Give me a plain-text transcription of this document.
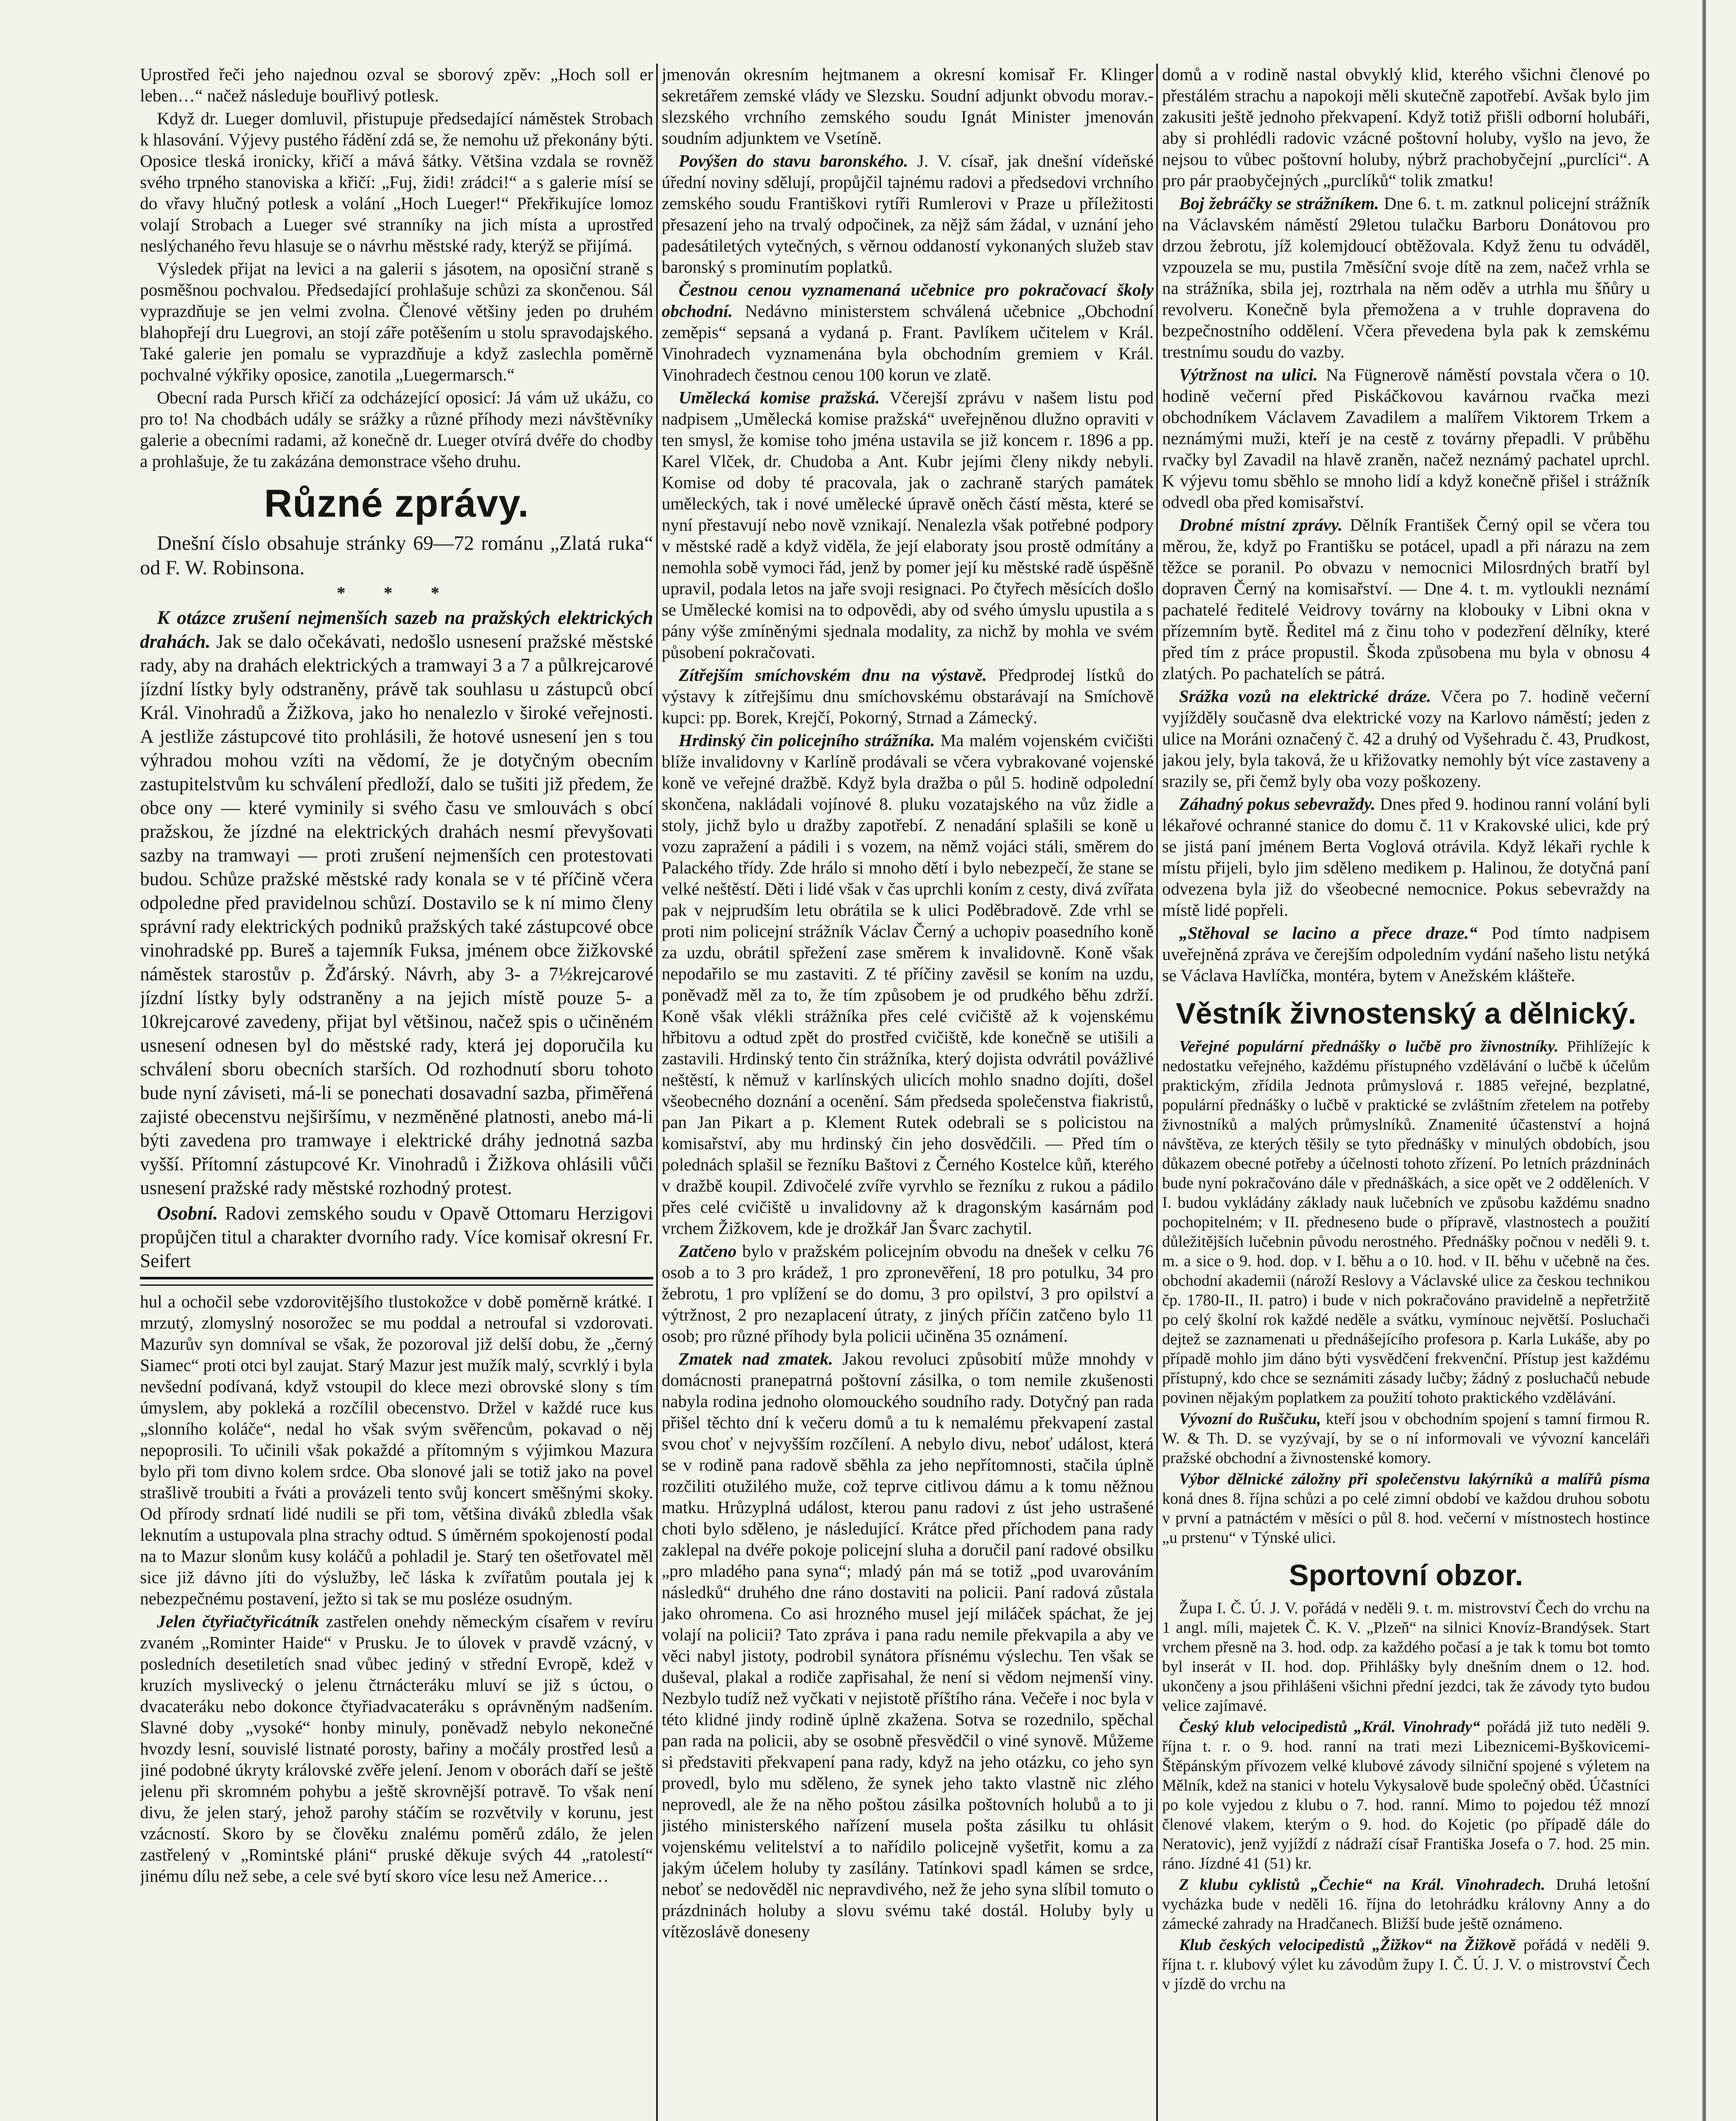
Uprostřed řeči jeho najednou ozval se sborový zpěv: „Hoch soll er leben…“ načež následuje bouřlivý potlesk.

Když dr. Lueger domluvil, přistupuje předsedající náměstek Strobach k hlasování. Výjevy pustého řádění zdá se, že nemohu už překonány býti. Oposice tleská ironicky, křičí a mává šátky. Většina vzdala se rovněž svého trpného stanoviska a křičí: „Fuj, židi! zrádci!“ a s galerie mísí se do vřavy hlučný potlesk a volání „Hoch Lueger!“ Překřikujíce lomoz volají Strobach a Lueger své stranníky na jich místa a uprostřed neslýchaného řevu hlasuje se o návrhu městské rady, kterýž se přijímá.

Výsledek přijat na levici a na galerii s jásotem, na oposiční straně s posměšnou pochvalou. Předsedající prohlašuje schůzi za skončenou. Sál vyprazdňuje se jen velmi zvolna. Členové většiny jeden po druhém blahopřejí dru Luegrovi, an stojí záře potěšením u stolu spravodajského. Také galerie jen pomalu se vyprazdňuje a když zaslechla poměrně pochvalné výkřiky oposice, zanotila „Luegermarsch.“

Obecní rada Pursch křičí za odcházející oposicí: Já vám už ukážu, co pro to! Na chodbách udály se srážky a různé příhody mezi návštěvníky galerie a obecními radami, až konečně dr. Lueger otvírá dvéře do chodby a prohlašuje, že tu zakázána demonstrace všeho druhu.

Různé zprávy.

Dnešní číslo obsahuje stránky 69—72 románu „Zlatá ruka“ od F. W. Robinsona.

* * *

K otázce zrušení nejmenších sazeb na pražských elektrických drahách. Jak se dalo očekávati, nedošlo usnesení pražské městské rady, aby na drahách elektrických a tramwayi 3 a 7 a půlkrejcarové jízdní lístky byly odstraněny, právě tak souhlasu u zástupců obcí Král. Vinohradů a Žižkova, jako ho nenalezlo v široké veřejnosti. A jestliže zástupcové tito prohlásili, že hotové usnesení jen s tou výhradou mohou vzíti na vědomí, že je dotyčným obecním zastupitelstvům ku schválení předloží, dalo se tušiti již předem, že obce ony — které vyminily si svého času ve smlouvách s obcí pražskou, že jízdné na elektrických drahách nesmí převyšovati sazby na tramwayi — proti zrušení nejmenších cen protestovati budou. Schůze pražské městské rady konala se v té příčině včera odpoledne před pravidelnou schůzí. Dostavilo se k ní mimo členy správní rady elektrických podniků pražských také zástupcové obce vinohradské pp. Bureš a tajemník Fuksa, jménem obce žižkovské náměstek starostův p. Žďárský. Návrh, aby 3- a 7½krejcarové jízdní lístky byly odstraněny a na jejich místě pouze 5- a 10krejcarové zavedeny, přijat byl většinou, načež spis o učiněném usnesení odnesen byl do městské rady, která jej doporučila ku schválení sboru obecních starších. Od rozhodnutí sboru tohoto bude nyní záviseti, má-li se ponechati dosavadní sazba, přiměřená zajisté obecenstvu nejširšímu, v nezměněné platnosti, anebo má-li býti zavedena pro tramwaye i elektrické dráhy jednotná sazba vyšší. Přítomní zástupcové Kr. Vinohradů i Žižkova ohlásili vůči usnesení pražské rady městské rozhodný protest.

Osobní. Radovi zemského soudu v Opavě Ottomaru Herzigovi propůjčen titul a charakter dvorního rady. Více komisař okresní Fr. Seifert

hul a ochočil sebe vzdorovitějšího tlustokožce v době poměrně krátké. I mrzutý, zlomyslný nosorožec se mu poddal a netroufal si vzdorovati. Mazurův syn domníval se však, že pozoroval již delší dobu, že „černý Siamec“ proti otci byl zaujat. Starý Mazur jest mužík malý, scvrklý i byla nevšední podívaná, když vstoupil do klece mezi obrovské slony s tím úmyslem, aby pokleká a rozčílil obecenstvo. Držel v každé ruce kus „slonního koláče“, nedal ho však svým svěřencům, pokavad o něj nepoprosili. To učinili však pokaždé a přítomným s výjimkou Mazura bylo při tom divno kolem srdce. Oba slonové jali se totiž jako na povel strašlivě troubiti a řváti a provázeli tento svůj koncert směšnými skoky. Od přírody srdnatí lidé nudili se při tom, většina diváků zbledla však leknutím a ustupovala plna strachy odtud. S úměrném spokojeností podal na to Mazur slonům kusy koláčů a pohladil je. Starý ten ošetřovatel měl sice již dávno jíti do výslužby, leč láska k zvířatům poutala jej k nebezpečnému postavení, ježto si tak se mu posléze osudným.

Jelen čtyřiačtyřicátník zastřelen onehdy německým císařem v revíru zvaném „Rominter Haide“ v Prusku. Je to úlovek v pravdě vzácný, v posledních desetiletích snad vůbec jediný v střední Evropě, kdež v kruzích myslivecký o jelenu čtrnácteráku mluví se již s úctou, o dvacateráku nebo dokonce čtyřiadvacateráku s oprávněným nadšením. Slavné doby „vysoké“ honby minuly, poněvadž nebylo nekonečné hvozdy lesní, souvislé listnaté porosty, bařiny a močály prostřed lesů a jiné podobné úkryty královské zvěře jelení. Jenom v oborách daří se ještě jelenu při skromném pohybu a ještě skrovnější potravě. To však není divu, že jelen starý, jehož parohy stáčím se rozvětvily v korunu, jest vzácností. Skoro by se člověku znalému poměrů zdálo, že jelen zastřelený v „Romintské pláni“ pruské děkuje svých 44 „ratolestí“ jinému dílu než sebe, a cele své bytí skoro více lesu než Americe…

jmenován okresním hejtmanem a okresní komisař Fr. Klinger sekretářem zemské vlády ve Slezsku. Soudní adjunkt obvodu morav.-slezského vrchního zemského soudu Ignát Minister jmenován soudním adjunktem ve Vsetíně.

Povýšen do stavu baronského. J. V. císař, jak dnešní vídeňské úřední noviny sdělují, propůjčil tajnému radovi a předsedovi vrchního zemského soudu Františkovi rytíři Rumlerovi v Praze u příležitosti přesazení jeho na trvalý odpočinek, za nějž sám žádal, v uznání jeho padesátiletých vytečných, s věrnou oddaností vykonaných služeb stav baronský s prominutím poplatků.

Čestnou cenou vyznamenaná učebnice pro pokračovací školy obchodní. Nedávno ministerstem schválená učebnice „Obchodní zeměpis“ sepsaná a vydaná p. Frant. Pavlíkem učitelem v Král. Vinohradech vyznamenána byla obchodním gremiem v Král. Vinohradech čestnou cenou 100 korun ve zlatě.

Umělecká komise pražská. Včerejší zprávu v našem listu pod nadpisem „Umělecká komise pražská“ uveřejněnou dlužno opraviti v ten smysl, že komise toho jména ustavila se již koncem r. 1896 a pp. Karel Vlček, dr. Chudoba a Ant. Kubr jejími členy nikdy nebyli. Komise od doby té pracovala, jak o zachraně starých památek uměleckých, tak i nové umělecké úpravě oněch částí města, které se nyní přestavují nebo nově vznikají. Nenalezla však potřebné podpory v městské radě a když viděla, že její elaboraty jsou prostě odmítány a nemohla sobě vymoci řád, jenž by pomer její ku městské radě úspěšně upravil, podala letos na jaře svoji resignaci. Po čtyřech měsících došlo se Umělecké komisi na to odpovědi, aby od svého úmyslu upustila a s pány výše zmíněnými sjednala modality, za nichž by mohla ve svém působení pokračovati.

Zítřejším smíchovském dnu na výstavě. Předprodej lístků do výstavy k zítřejšímu dnu smíchovskému obstarávají na Smíchově kupci: pp. Borek, Krejčí, Pokorný, Strnad a Zámecký.

Hrdinský čin policejního strážníka. Ma malém vojenském cvičišti blíže invalidovny v Karlíně prodávali se včera vybrakované vojenské koně ve veřejné dražbě. Když byla dražba o půl 5. hodině odpolední skončena, nakládali vojínové 8. pluku vozatajského na vůz židle a stoly, jichž bylo u dražby zapotřebí. Z nenadání splašili se koně u vozu zapražení a pádili i s vozem, na němž vojáci stáli, směrem do Palackého třídy. Zde hrálo si mnoho dětí i bylo nebezpečí, že stane se velké neštěstí. Děti i lidé však v čas uprchli koním z cesty, divá zvířata pak v nejprudším letu obrátila se k ulici Poděbradově. Zde vrhl se proti nim policejní strážník Václav Černý a uchopiv poasedního koně za uzdu, obrátil spřežení zase směrem k invalidovně. Koně však nepodařilo se mu zastaviti. Z té příčiny zavěsil se koním na uzdu, poněvadž měl za to, že tím způsobem je od prudkého běhu zdrží. Koně však vlékli strážníka přes celé cvičiště až k vojenskému hřbitovu a odtud zpět do prostřed cvičiště, kde konečně se utišili a zastavili. Hrdinský tento čin strážníka, který dojista odvrátil povážlivé neštěstí, k němuž v karlínských ulicích mohlo snadno dojíti, došel všeobecného doznání a ocenění. Sám předseda společenstva fiakristů, pan Jan Pikart a p. Klement Rutek odebrali se s policistou na komisařství, aby mu hrdinský čin jeho dosvědčili. — Před tím o polednách splašil se řezníku Baštovi z Černého Kostelce kůň, kterého v dražbě koupil. Zdivočelé zvíře vyrvhlo se řezníku z rukou a pádilo přes celé cvičiště u invalidovny až k dragonským kasárnám pod vrchem Žižkovem, kde je drožkář Jan Švarc zachytil.

Zatčeno bylo v pražském policejním obvodu na dnešek v celku 76 osob a to 3 pro krádež, 1 pro zpronevěření, 18 pro potulku, 34 pro žebrotu, 1 pro vplížení se do domu, 3 pro opilství, 3 pro opilství a výtržnost, 2 pro nezaplacení útraty, z jiných příčin zatčeno bylo 11 osob; pro různé příhody byla policii učiněna 35 oznámení.

Zmatek nad zmatek. Jakou revoluci způsobití může mnohdy v domácnosti pranepatrná poštovní zásilka, o tom nemile zkušenosti nabyla rodina jednoho olomouckého soudního rady. Dotyčný pan rada přišel těchto dní k večeru domů a tu k nemalému překvapení zastal svou choť v nejvyšším rozčílení. A nebylo divu, neboť událost, která se v rodině pana radově sběhla za jeho nepřítomnosti, stačila úplně rozčiliti otužilého muže, což teprve citlivou dámu a k tomu něžnou matku. Hrůzyplná událost, kterou panu radovi z úst jeho ustrašené choti bylo sděleno, je následující. Krátce před příchodem pana rady zaklepal na dvéře pokoje policejní sluha a doručil paní radové obsilku „pro mladého pana syna“; mladý pán má se totiž „pod uvarováním následků“ druhého dne ráno dostaviti na policii. Paní radová zůstala jako ohromena. Co asi hrozného musel její miláček spáchat, že jej volají na policii? Tato zpráva i pana radu nemile překvapila a aby ve věci nabyl jistoty, podrobil synátora přísnému výslechu. Ten však se duševal, plakal a rodiče zapřisahal, že není si vědom nejmenší viny. Nezbylo tudíž než vyčkati v nejistotě příštího rána. Večeře i noc byla v této klidné jindy rodině úplně zkažena. Sotva se rozednilo, spěchal pan rada na policii, aby se osobně přesvědčil o viné synově. Můžeme si představiti překvapení pana rady, když na jeho otázku, co jeho syn provedl, bylo mu sděleno, že synek jeho takto vlastně nic zlého neprovedl, ale že na něho poštou zásilka poštovních holubů a to ji jistého ministerského nařízení musela pošta zásilku tu ohlásit vojenskému velitelství a to nařídilo policejně vyšetřit, komu a za jakým účelem holuby ty zasílány. Tatínkovi spadl kámen se srdce, neboť se nedověděl nic nepravdivého, než že jeho syna slíbil tomuto o prázdninách holuby a slovu svému také dostál. Holuby byly u vítězoslávě doneseny

domů a v rodině nastal obvyklý klid, kterého všichni členové po přestálém strachu a napokoji měli skutečně zapotřebí. Avšak bylo jim zakusiti ještě jednoho překvapení. Když totiž přišli odborní holubáři, aby si prohlédli radovic vzácné poštovní holuby, vyšlo na jevo, že nejsou to vůbec poštovní holuby, nýbrž prachobyčejní „purclíci“. A pro pár praobyčejných „purclíků“ tolik zmatku!

Boj žebráčky se strážníkem. Dne 6. t. m. zatknul policejní strážník na Václavském náměstí 29letou tulačku Barboru Donátovou pro drzou žebrotu, jíž kolemjdoucí obtěžovala. Když ženu tu odváděl, vzpouzela se mu, pustila 7měsíční svoje dítě na zem, načež vrhla se na strážníka, sbila jej, roztrhala na něm oděv a utrhla mu šňůry u revolveru. Konečně byla přemožena a v truhle dopravena do bezpečnostního oddělení. Včera převedena byla pak k zemskému trestnímu soudu do vazby.

Výtržnost na ulici. Na Fügnerově náměstí povstala včera o 10. hodině večerní před Piskáčkovou kavárnou rvačka mezi obchodníkem Václavem Zavadilem a malířem Viktorem Trkem a neznámými muži, kteří je na cestě z továrny přepadli. V průběhu rvačky byl Zavadil na hlavě zraněn, načež neznámý pachatel uprchl. K výjevu tomu sběhlo se mnoho lidí a když konečně přišel i strážník odvedl oba před komisařství.

Drobné místní zprávy. Dělník František Černý opil se včera tou měrou, že, když po Františku se potácel, upadl a při nárazu na zem těžce se poranil. Po obvazu v nemocnici Milosrdných bratří byl dopraven Černý na komisařství. — Dne 4. t. m. vytloukli neznámí pachatelé ředitelé Veidrovy továrny na klobouky v Libni okna v přízemním bytě. Ředitel má z činu toho v podezření dělníky, které před tím z práce propustil. Škoda způsobena mu byla v obnosu 4 zlatých. Po pachatelích se pátrá.

Srážka vozů na elektrické dráze. Včera po 7. hodině večerní vyjížděly současně dva elektrické vozy na Karlovo náměstí; jeden z ulice na Moráni označený č. 42 a druhý od Vyšehradu č. 43, Prudkost, jakou jely, byla taková, že u křižovatky nemohly být více zastaveny a srazily se, při čemž byly oba vozy poškozeny.

Záhadný pokus sebevraždy. Dnes před 9. hodinou ranní volání byli lékařové ochranné stanice do domu č. 11 v Krakovské ulici, kde prý se jistá paní jménem Berta Voglová otrávila. Když lékaři rychle k místu přijeli, bylo jim sděleno medikem p. Halinou, že dotyčná paní odvezena byla již do všeobecné nemocnice. Pokus sebevraždy na místě lidé popřeli.

„Stěhoval se lacino a přece draze.“ Pod tímto nadpisem uveřejněná zpráva ve čerejším odpoledním vydání našeho listu netýká se Václava Havlíčka, montéra, bytem v Anežském klášteře.

Věstník živnostenský a dělnický.

Veřejné populární přednášky o lučbě pro živnostníky. Přihlížejíc k nedostatku veřejného, každému přístupného vzdělávání o lučbě k účelům praktickým, zřídila Jednota průmyslová r. 1885 veřejné, bezplatné, populární přednášky o lučbě v praktické se zvláštním zřetelem na potřeby živnostníků a malých průmyslníků. Znamenité účastenství a hojná návštěva, ze kterých těšily se tyto přednášky v minulých obdobích, jsou důkazem obecné potřeby a účelnosti tohoto zřízení. Po letních prázdninách bude nyní pokračováno dále v přednáškách, a sice opět ve 2 odděleních. V I. budou vykládány základy nauk lučebních ve způsobu každému snadno pochopitelném; v II. předneseno bude o přípravě, vlastnostech a použití důležitějších lučebnin původu nerostného. Přednášky počnou v neděli 9. t. m. a sice o 9. hod. dop. v I. běhu a o 10. hod. v II. běhu v učebně na čes. obchodní akademii (nároží Reslovy a Václavské ulice za českou technikou čp. 1780-II., II. patro) i bude v nich pokračováno pravidelně a nepřetržitě po celý školní rok každé neděle a svátku, vymínouc největší. Posluchači dejtež se zaznamenati u přednášejícího profesora p. Karla Lukáše, aby po případě mohlo jim dáno býti vysvědčení frekvenční. Přístup jest každému přístupný, kdo chce se seznámiti zásady lučby; žádný z posluchačů nebude povinen nějakým poplatkem za použití tohoto praktického vzdělávání.

Vývozní do Ruščuku, kteří jsou v obchodním spojení s tamní firmou R. W. & Th. D. se vyzývají, by se o ní informovali ve vývozní kanceláři pražské obchodní a živnostenské komory.

Výbor dělnické záložny při společenstvu lakýrníků a malířů písma koná dnes 8. října schůzi a po celé zimní období ve každou druhou sobotu v první a patnáctém v měsíci o půl 8. hod. večerní v místnostech hostince „u prstenu“ v Týnské ulici.

Sportovní obzor.

Župa I. Č. Ú. J. V. pořádá v neděli 9. t. m. mistrovství Čech do vrchu na 1 angl. míli, majetek Č. K. V. „Plzeň“ na silnici Knovíz-Brandýsek. Start vrchem přesně na 3. hod. odp. za každého počasí a je tak k tomu bot tomto byl inserát v II. hod. dop. Přihlášky byly dnešním dnem o 12. hod. ukončeny a jsou přihlášeni všichni přední jezdci, tak že závody tyto budou velice zajímavé.

Český klub velocipedistů „Král. Vinohrady“ pořádá již tuto neděli 9. října t. r. o 9. hod. ranní na trati mezi Libeznicemi-Byškovicemi-Štěpánským přívozem velké klubové závody silniční spojené s výletem na Mělník, kdež na stanici v hotelu Vykysalově bude společný oběd. Účastníci po kole vyjedou z klubu o 7. hod. ranní. Mimo to pojedou též mnozí členové vlakem, kterým o 9. hod. do Kojetic (po případě dále do Neratovic), jenž vyjíždí z nádraží císař Františka Josefa o 7. hod. 25 min. ráno. Jízdné 41 (51) kr.

Z klubu cyklistů „Čechie“ na Král. Vinohradech. Druhá letošní vycházka bude v neděli 16. října do letohrádku královny Anny a do zámecké zahrady na Hradčanech. Bližší bude ještě oznámeno.

Klub českých velocipedistů „Žižkov“ na Žižkově pořádá v neděli 9. října t. r. klubový výlet ku závodům župy I. Č. Ú. J. V. o mistrovství Čech v jízdě do vrchu na
